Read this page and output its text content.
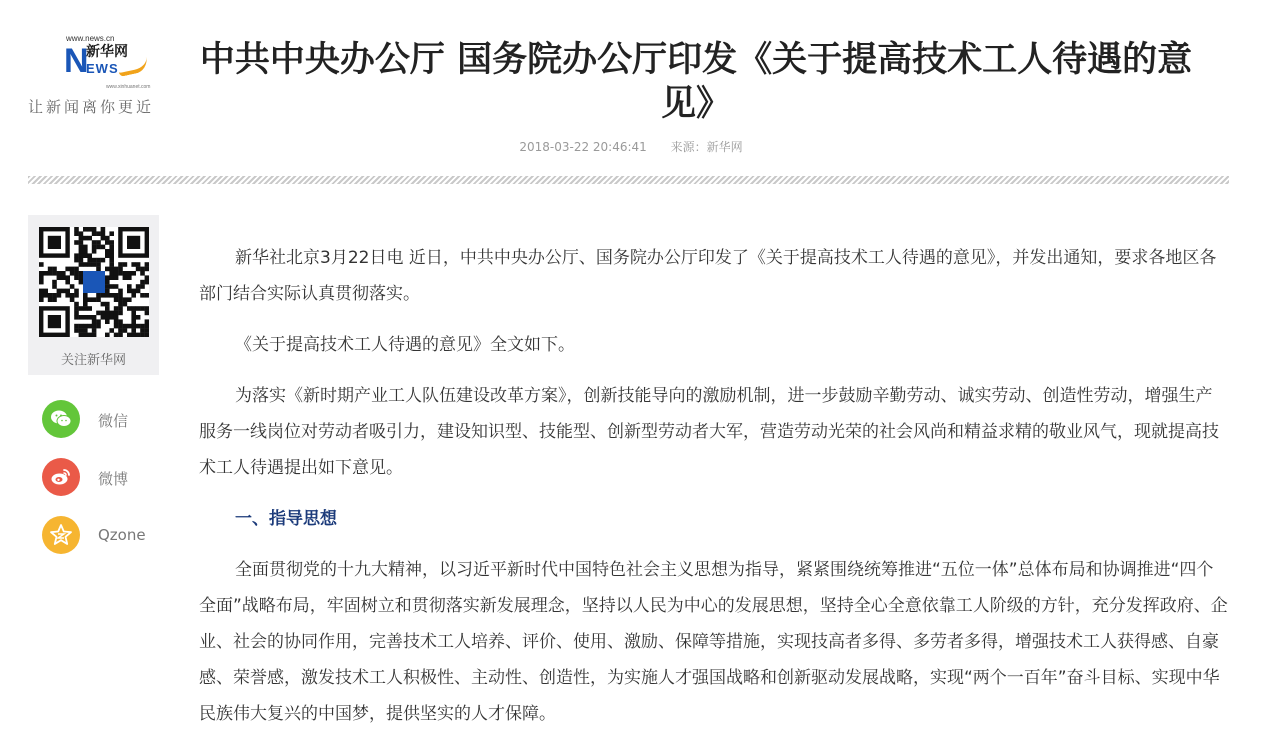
www.news.cn
N
新华网
EWS
www.xinhuanet.com
让新闻离你更近
中共中央办公厅 国务院办公厅印发《关于提高技术工人待遇的意见》
2018-03-22 20:46:41 来源：新华网
关注新华网
微信
微博
Qzone

新华社北京3月22日电 近日，中共中央办公厅、国务院办公厅印发了《关于提高技术工人待遇的意见》，并发出通知，要求各地区各部门结合实际认真贯彻落实。

《关于提高技术工人待遇的意见》全文如下。

为落实《新时期产业工人队伍建设改革方案》，创新技能导向的激励机制，进一步鼓励辛勤劳动、诚实劳动、创造性劳动，增强生产服务一线岗位对劳动者吸引力，建设知识型、技能型、创新型劳动者大军，营造劳动光荣的社会风尚和精益求精的敬业风气，现就提高技术工人待遇提出如下意见。

一、指导思想

全面贯彻党的十九大精神，以习近平新时代中国特色社会主义思想为指导，紧紧围绕统筹推进“五位一体”总体布局和协调推进“四个全面”战略布局，牢固树立和贯彻落实新发展理念，坚持以人民为中心的发展思想，坚持全心全意依靠工人阶级的方针，充分发挥政府、企业、社会的协同作用，完善技术工人培养、评价、使用、激励、保障等措施，实现技高者多得、多劳者多得，增强技术工人获得感、自豪感、荣誉感，激发技术工人积极性、主动性、创造性，为实施人才强国战略和创新驱动发展战略，实现“两个一百年”奋斗目标、实现中华民族伟大复兴的中国梦，提供坚实的人才保障。
